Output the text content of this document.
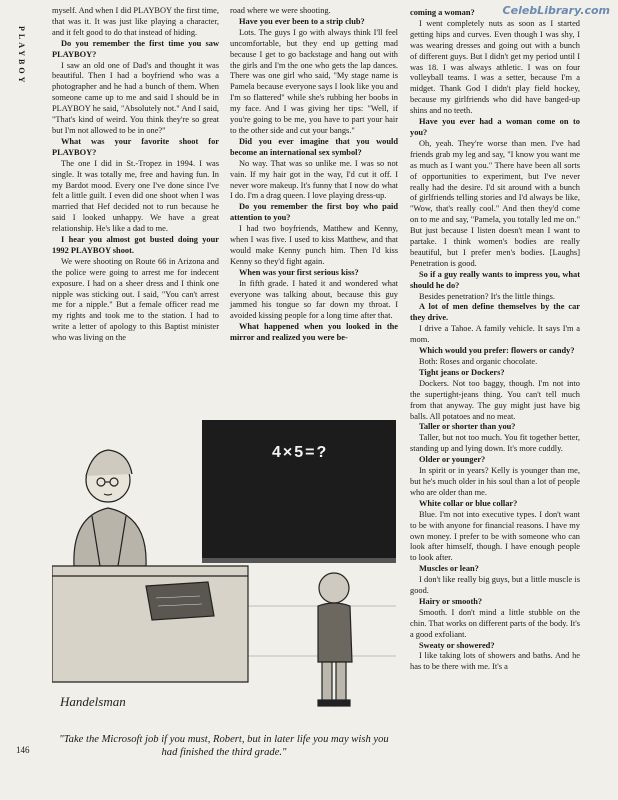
CelebLibrary.com
PLAYBOY

myself. And when I did PLAYBOY the first time, that was it. It was just like playing a character, and it felt good to do that instead of hiding.

Do you remember the first time you saw PLAYBOY?

I saw an old one of Dad's and thought it was beautiful. Then I had a boyfriend who was a photographer and he had a bunch of them. When someone came up to me and said I should be in PLAYBOY he said, "Absolutely not." And I said, "That's kind of weird. You think they're so great but I'm not allowed to be in one?"

What was your favorite shoot for PLAYBOY?

The one I did in St.-Tropez in 1994. I was single. It was totally me, free and having fun. In my Bardot mood. Every one I've done since I've felt a little guilt. I even did one shoot when I was married that Hef decided not to run because he said I looked unhappy. We have a great relationship. He's like a dad to me.

I hear you almost got busted doing your 1992 PLAYBOY shoot.

We were shooting on Route 66 in Arizona and the police were going to arrest me for indecent exposure. I had on a sheer dress and I think one nipple was sticking out. I said, "You can't arrest me for a nipple." But a female officer read me my rights and took me to the station. I had to write a letter of apology to this Baptist minister who was living on the

road where we were shooting.

Have you ever been to a strip club?

Lots. The guys I go with always think I'll feel uncomfortable, but they end up getting mad because I get to go backstage and hang out with the girls and I'm the one who gets the lap dances. There was one girl who said, "My stage name is Pamela because everyone says I look like you and I'm so flattered" while she's rubbing her boobs in my face. And I was giving her tips: "Well, if you're going to be me, you have to part your hair to the other side and cut your bangs."

Did you ever imagine that you would become an international sex symbol?

No way. That was so unlike me. I was so not vain. If my hair got in the way, I'd cut it off. I never wore makeup. It's funny that I now do what I do. I'm a drag queen. I love playing dress-up.

Do you remember the first boy who paid attention to you?

I had two boyfriends, Matthew and Kenny, when I was five. I used to kiss Matthew, and that would make Kenny punch him. Then I'd kiss Kenny so they'd fight again.

When was your first serious kiss?

In fifth grade. I hated it and wondered what everyone was talking about, because this guy jammed his tongue so far down my throat. I avoided kissing people for a long time after that.

What happened when you looked in the mirror and realized you were be-

coming a woman?

I went completely nuts as soon as I started getting hips and curves. Even though I was shy, I was wearing dresses and going out with a bunch of different guys. But I didn't get my period until I was 18. I was always athletic. I was on four volleyball teams. I was a setter, because I'm a midget. Thank God I didn't play field hockey, because my girlfriends who did have banged-up shins and no teeth.

Have you ever had a woman come on to you?

Oh, yeah. They're worse than men. I've had friends grab my leg and say, "I know you want me as much as I want you." There have been all sorts of opportunities to experiment, but I've never really had the desire. I'd sit around with a bunch of girlfriends telling stories and I'd always be like, "Wow, that's really cool." And then they'd come on to me and say, "Pamela, you totally led me on." But just because I listen doesn't mean I want to partake. I think women's bodies are really beautiful, but I prefer men's bodies. [Laughs] Penetration is good.

So if a guy really wants to impress you, what should he do?

Besides penetration? It's the little things.

A lot of men define themselves by the car they drive.

I drive a Tahoe. A family vehicle. It says I'm a mom.

Which would you prefer: flowers or candy?

Both: Roses and organic chocolate.

Tight jeans or Dockers?

Dockers. Not too baggy, though. I'm not into the supertight-jeans thing. You can't tell much from that anyway. The guy might just have big balls. All potatoes and no meat.

Taller or shorter than you?

Taller, but not too much. You fit together better, standing up and lying down. It's more cuddly.

Older or younger?

In spirit or in years? Kelly is younger than me, but he's much older in his soul than a lot of people who are older than me.

White collar or blue collar?

Blue. I'm not into executive types. I don't want to be with anyone for financial reasons. I have my own money. I prefer to be with someone who can look after himself, though. I have enough people to look after.

Muscles or lean?

I don't like really big guys, but a little muscle is good.

Hairy or smooth?

Smooth. I don't mind a little stubble on the chin. That works on different parts of the body. It's a good exfoliant.

Sweaty or showered?

I like taking lots of showers and baths. And he has to be there with me. It's a

4×5=?
Handelsman
"Take the Microsoft job if you must, Robert, but in later life you may wish you had finished the third grade."
146
